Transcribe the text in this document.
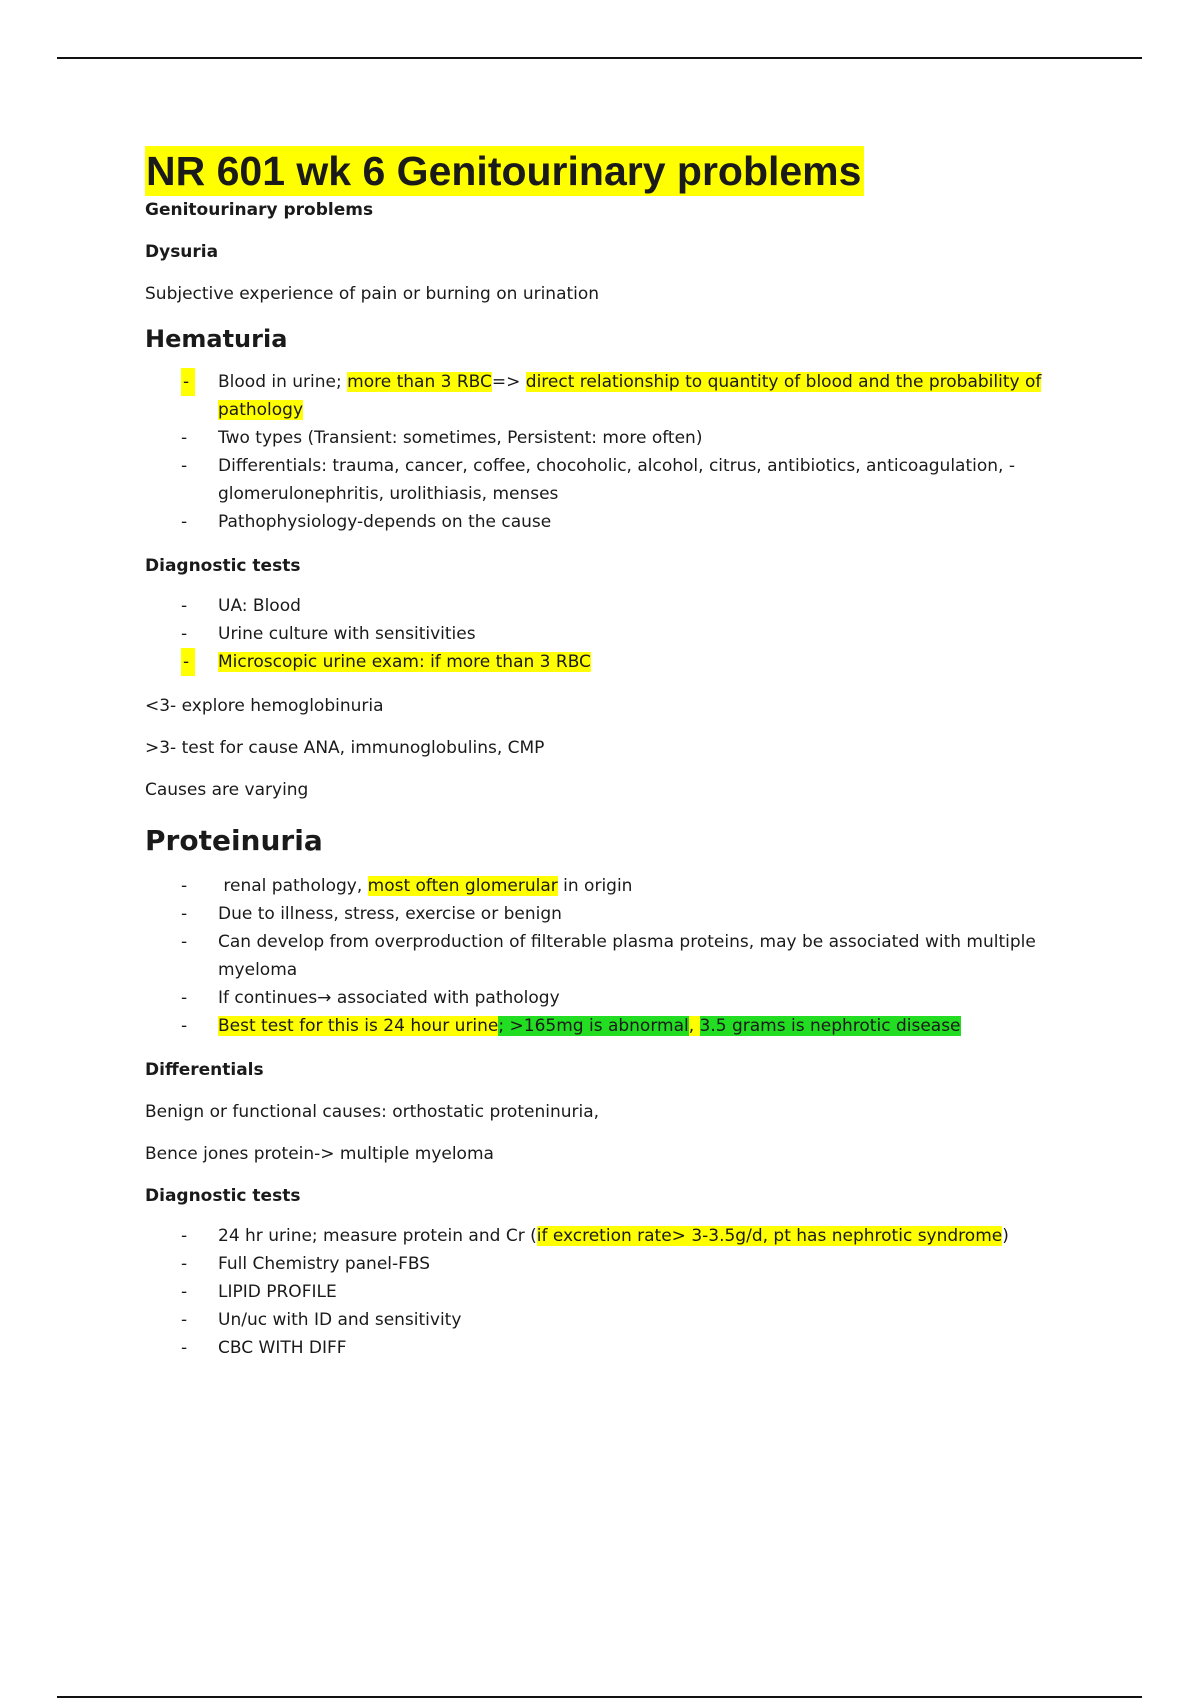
NR 601 wk 6 Genitourinary problems
Genitourinary problems
Dysuria
Subjective experience of pain or burning on urination
Hematuria
-	Blood in urine; more than 3 RBC=> direct relationship to quantity of blood and the probability of pathology
-	Two types (Transient: sometimes, Persistent: more often)
-	Differentials: trauma, cancer, coffee, chocoholic, alcohol, citrus, antibiotics, anticoagulation, - glomerulonephritis, urolithiasis, menses
-	Pathophysiology-depends on the cause
Diagnostic tests
-	UA: Blood
-	Urine culture with sensitivities
-	Microscopic urine exam: if more than 3 RBC
<3- explore hemoglobinuria
>3- test for cause ANA, immunoglobulins, CMP
Causes are varying
Proteinuria
-	renal pathology, most often glomerular in origin
-	Due to illness, stress, exercise or benign
-	Can develop from overproduction of filterable plasma proteins, may be associated with multiple myeloma
-	If continues→ associated with pathology
-	Best test for this is 24 hour urine; >165mg is abnormal, 3.5 grams is nephrotic disease
Differentials
Benign or functional causes: orthostatic proteninuria,
Bence jones protein-> multiple myeloma
Diagnostic tests
-	24 hr urine; measure protein and Cr (if excretion rate> 3-3.5g/d, pt has nephrotic syndrome)
-	Full Chemistry panel-FBS
-	LIPID PROFILE
-	Un/uc with ID and sensitivity
-	CBC WITH DIFF
